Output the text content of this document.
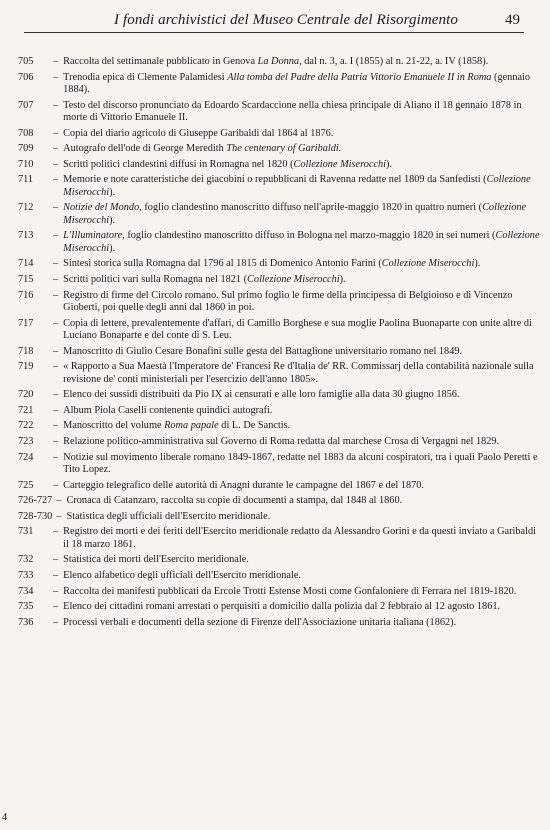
I fondi archivistici del Museo Centrale del Risorgimento	49
705	– Raccolta del settimanale pubblicato in Genova La Donna, dal n. 3, a. I (1855) al n. 21-22, a. IV (1858).
706	– Trenodia epica di Clemente Palamidesi Alla tomba del Padre della Patria Vittorio Emanuele II in Roma (gennaio 1884).
707	– Testo del discorso pronunciato da Edoardo Scardaccione nella chiesa principale di Aliano il 18 gennaio 1878 in morte di Vittorio Emanuele II.
708	– Copia del diario agricolo di Giuseppe Garibaldi dal 1864 al 1876.
709	– Autografo dell'ode di George Meredith The centenary of Garibaldi.
710	– Scritti politici clandestini diffusi in Romagna nel 1820 (Collezione Miserocchi).
711	– Memorie e note caratteristiche dei giacobini o repubblicani di Ravenna redatte nel 1809 da Sanfedisti (Collezione Miserocchi).
712	– Notizie del Mondo, foglio clandestino manoscritto diffuso nell'aprile-maggio 1820 in quattro numeri (Collezione Miserocchi).
713	– L'Illuminatore, foglio clandestino manoscritto diffuso in Bologna nel marzo-maggio 1820 in sei numeri (Collezione Miserocchi).
714	– Sintesi storica sulla Romagna dal 1796 al 1815 di Domenico Antonio Farini (Collezione Miserocchi).
715	– Scritti politici vari sulla Romagna nel 1821 (Collezione Miserocchi).
716	– Registro di firme del Circolo romano. Sul primo foglio le firme della principessa di Belgioioso e di Vincenzo Gioberti, poi quelle degli anni dal 1860 in poi.
717	– Copia di lettere, prevalentemente d'affari, di Camillo Borghese e sua moglie Paolina Buonaparte con unite altre di Luciano Bonaparte e del conte di S. Leu.
718	– Manoscritto di Giulio Cesare Bonafini sulle gesta del Battaglione universitario romano nel 1849.
719	– « Rapporto a Sua Maestà l'Imperatore de' Francesi Re d'Italia de' RR. Commissarj della contabilità nazionale sulla revisione de' conti ministeriali per l'esercizio dell'anno 1805».
720	– Elenco dei sussidi distribuiti da Pio IX ai censurati e alle loro famiglie alla data 30 giugno 1856.
721	– Album Piola Caselli contenente quindici autografi.
722	– Manoscritto del volume Roma papale di L. De Sanctis.
723	– Relazione politico-amministrativa sul Governo di Roma redatta dal marchese Crosa di Vergagni nel 1829.
724	– Notizie sul movimento liberale romano 1849-1867, redatte nel 1883 da alcuni cospiratori, tra i quali Paolo Peretti e Tito Lopez.
725	– Carteggio telegrafico delle autorità di Anagni durante le campagne del 1867 e del 1870.
726-727 – Cronaca di Catanzaro, raccolta su copie di documenti a stampa, dal 1848 al 1860.
728-730 – Statistica degli ufficiali dell'Esercito meridionale.
731	– Registro dei morti e dei feriti dell'Esercito meridionale redatto da Alessandro Gorini e da questi inviato a Garibaldi il 18 marzo 1861.
732	– Statistica dei morti dell'Esercito meridionale.
733	– Elenco alfabetico degli ufficiali dell'Esercito meridionale.
734	– Raccolta dei manifesti pubblicati da Ercole Trotti Estense Mosti come Gonfaloniere di Ferrara nel 1819-1820.
735	– Elenco dei cittadini romani arrestati o perquisiti a domicilio dalla polizia dal 2 febbraio al 12 agosto 1861.
736	– Processi verbali e documenti della sezione di Firenze dell'Associazione unitaria italiana (1862).
4
